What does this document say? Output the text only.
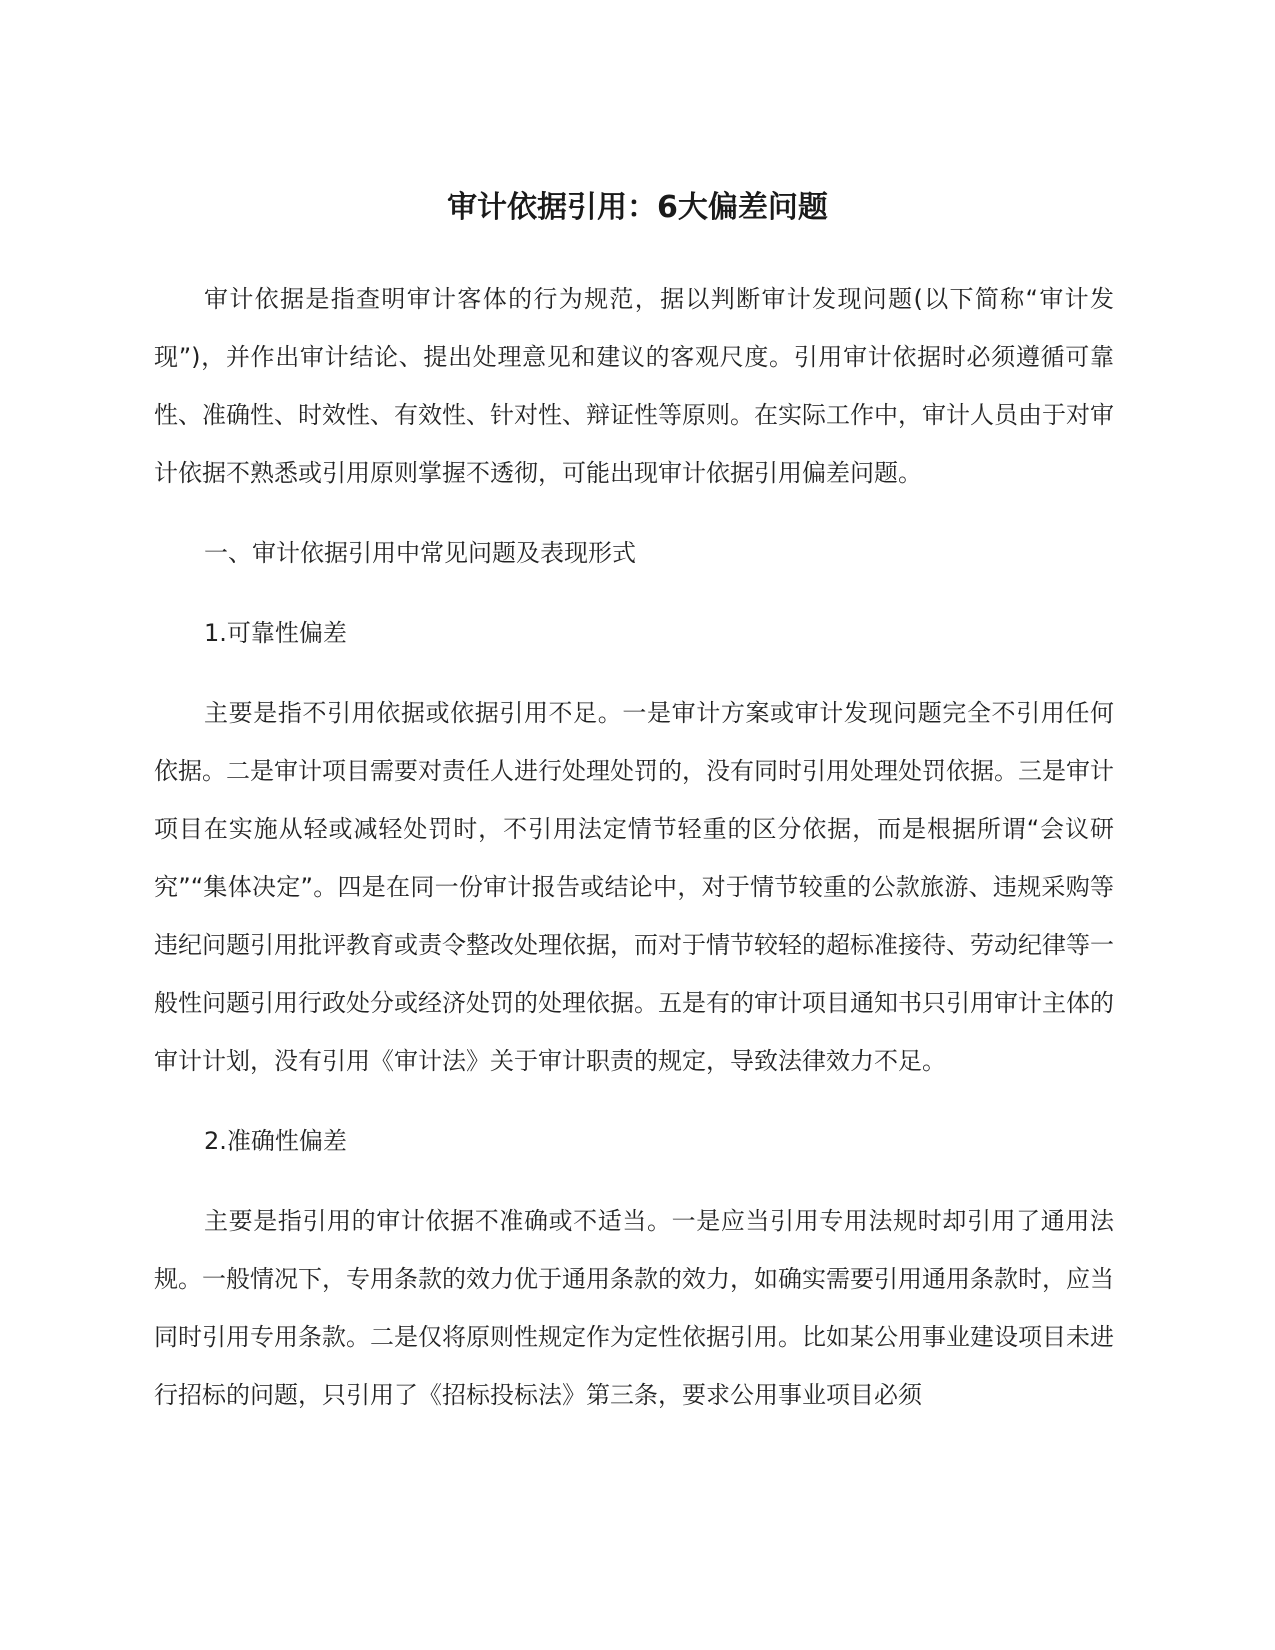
审计依据引用：6大偏差问题

审计依据是指查明审计客体的行为规范，据以判断审计发现问题(以下简称“审计发现”)，并作出审计结论、提出处理意见和建议的客观尺度。引用审计依据时必须遵循可靠性、准确性、时效性、有效性、针对性、辩证性等原则。在实际工作中，审计人员由于对审计依据不熟悉或引用原则掌握不透彻，可能出现审计依据引用偏差问题。

一、审计依据引用中常见问题及表现形式

1.可靠性偏差

主要是指不引用依据或依据引用不足。一是审计方案或审计发现问题完全不引用任何依据。二是审计项目需要对责任人进行处理处罚的，没有同时引用处理处罚依据。三是审计项目在实施从轻或减轻处罚时，不引用法定情节轻重的区分依据，而是根据所谓“会议研究”“集体决定”。四是在同一份审计报告或结论中，对于情节较重的公款旅游、违规采购等违纪问题引用批评教育或责令整改处理依据，而对于情节较轻的超标准接待、劳动纪律等一般性问题引用行政处分或经济处罚的处理依据。五是有的审计项目通知书只引用审计主体的审计计划，没有引用《审计法》关于审计职责的规定，导致法律效力不足。

2.准确性偏差

主要是指引用的审计依据不准确或不适当。一是应当引用专用法规时却引用了通用法规。一般情况下，专用条款的效力优于通用条款的效力，如确实需要引用通用条款时，应当同时引用专用条款。二是仅将原则性规定作为定性依据引用。比如某公用事业建设项目未进行招标的问题，只引用了《招标投标法》第三条，要求公用事业项目必须
